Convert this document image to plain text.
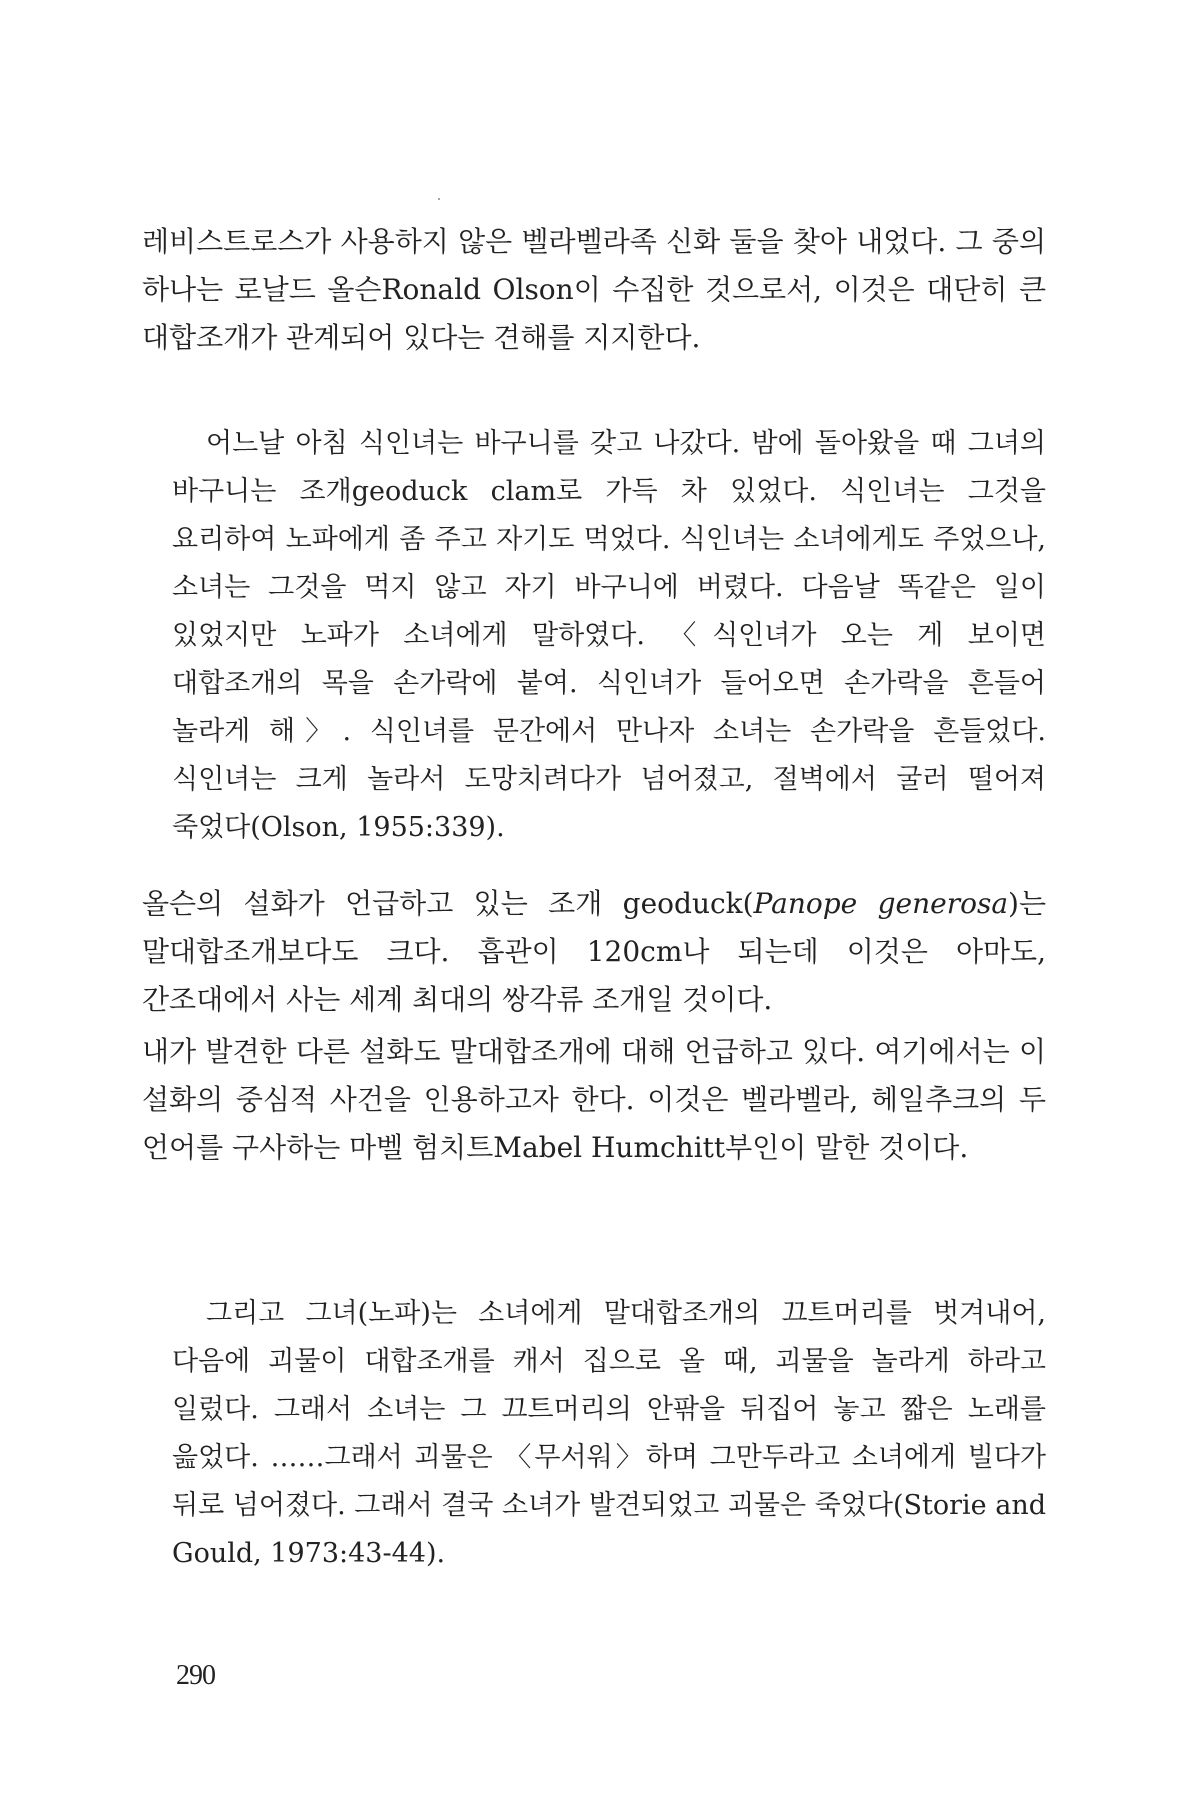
레비스트로스가 사용하지 않은 벨라벨라족 신화 둘을 찾아 내었다. 그 중의 하나는 로날드 올슨Ronald Olson이 수집한 것으로서, 이것은 대단히 큰 대합조개가 관계되어 있다는 견해를 지지한다.

어느날 아침 식인녀는 바구니를 갖고 나갔다. 밤에 돌아왔을 때 그녀의 바구니는 조개geoduck clam로 가득 차 있었다. 식인녀는 그것을 요리하여 노파에게 좀 주고 자기도 먹었다. 식인녀는 소녀에게도 주었으나, 소녀는 그것을 먹지 않고 자기 바구니에 버렸다. 다음날 똑같은 일이 있었지만 노파가 소녀에게 말하였다. 〈식인녀가 오는 게 보이면 대합조개의 목을 손가락에 붙여. 식인녀가 들어오면 손가락을 흔들어 놀라게 해〉. 식인녀를 문간에서 만나자 소녀는 손가락을 흔들었다. 식인녀는 크게 놀라서 도망치려다가 넘어졌고, 절벽에서 굴러 떨어져 죽었다(Olson, 1955:339).

올슨의 설화가 언급하고 있는 조개 geoduck(Panope generosa)는 말대합조개보다도 크다. 흡관이 120cm나 되는데 이것은 아마도, 간조대에서 사는 세계 최대의 쌍각류 조개일 것이다.

내가 발견한 다른 설화도 말대합조개에 대해 언급하고 있다. 여기에서는 이 설화의 중심적 사건을 인용하고자 한다. 이것은 벨라벨라, 헤일추크의 두 언어를 구사하는 마벨 험치트Mabel Humchitt부인이 말한 것이다.

그리고 그녀(노파)는 소녀에게 말대합조개의 끄트머리를 벗겨내어, 다음에 괴물이 대합조개를 캐서 집으로 올 때, 괴물을 놀라게 하라고 일렀다. 그래서 소녀는 그 끄트머리의 안팎을 뒤집어 놓고 짧은 노래를 읊었다. ……그래서 괴물은 〈무서워〉하며 그만두라고 소녀에게 빌다가 뒤로 넘어졌다. 그래서 결국 소녀가 발견되었고 괴물은 죽었다(Storie and Gould, 1973:43-44).

290
